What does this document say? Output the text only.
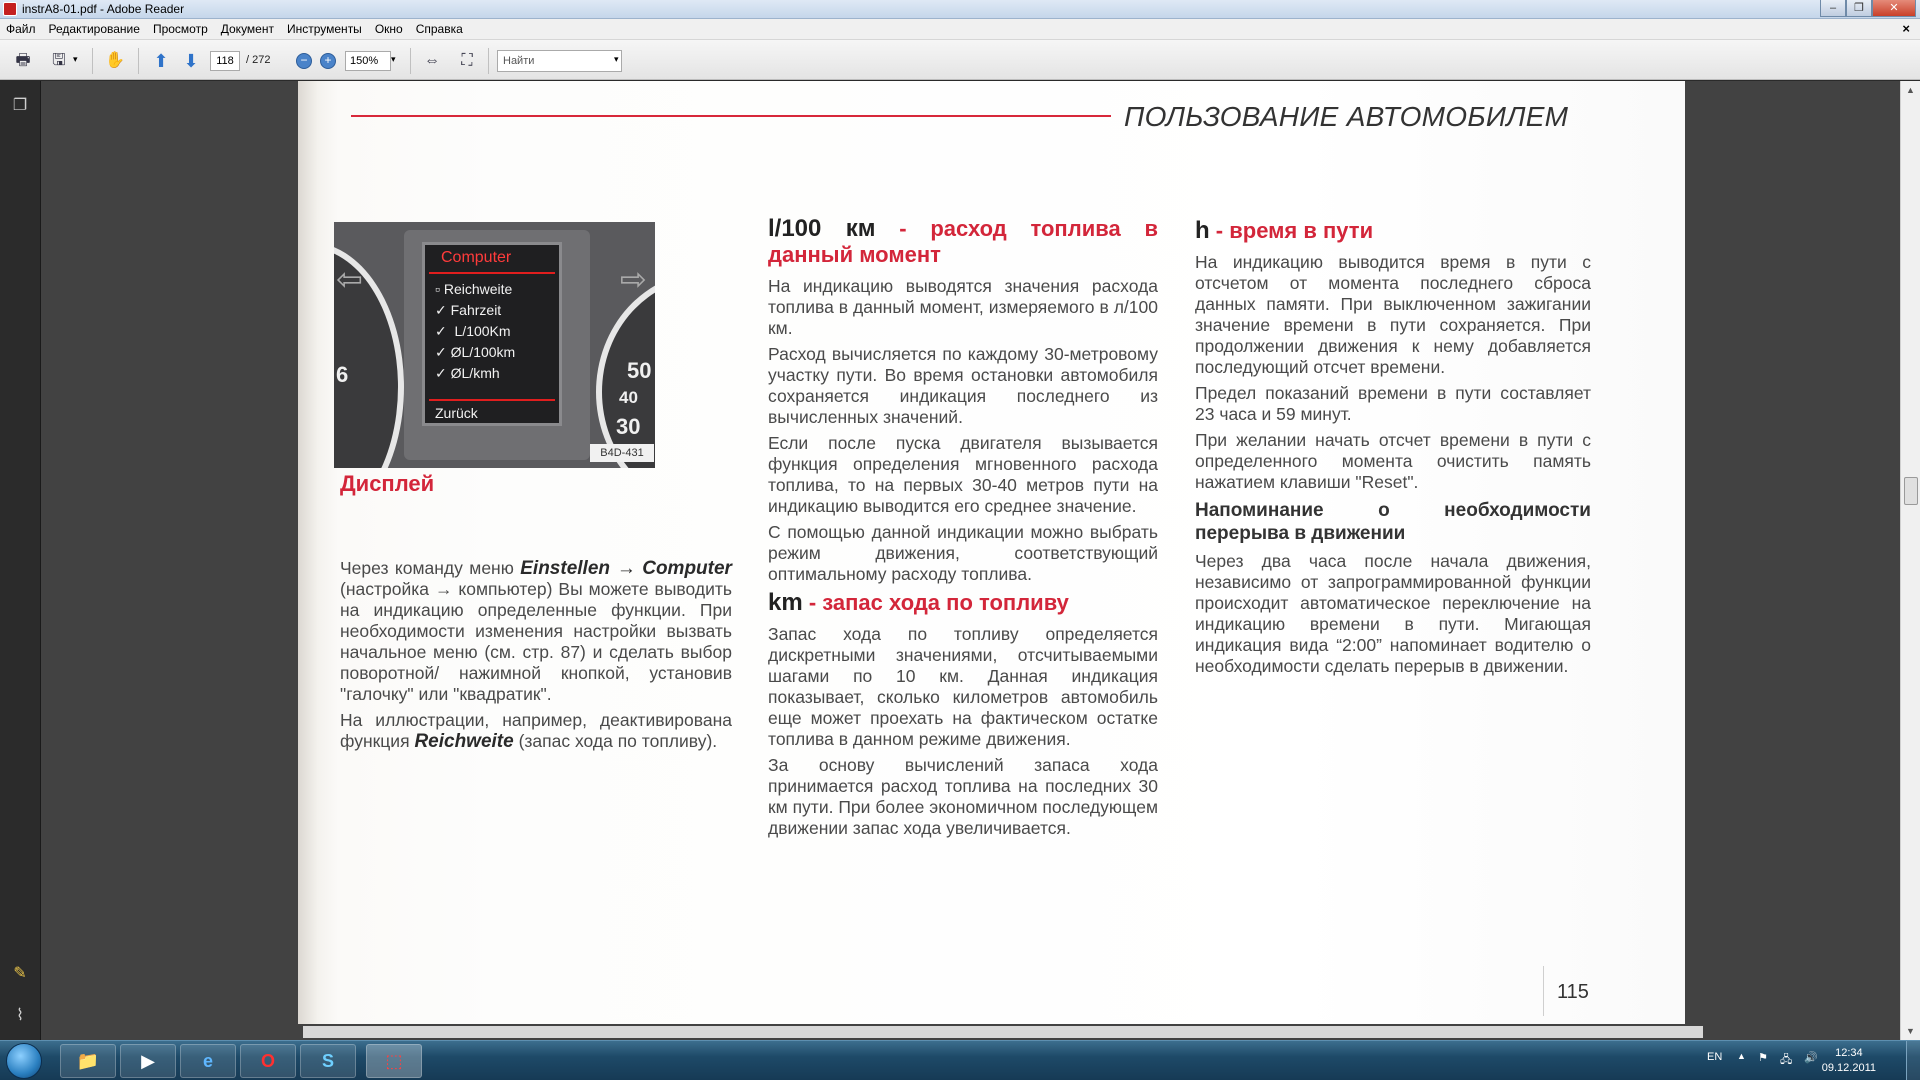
instrA8-01.pdf - Adobe Reader	–	❐	✕
Файл Редактирование Просмотр Документ Инструменты Окно Справка	×
🖶 🖫 ▾ ✋ ⬆ ⬇	118	/ 272	−	+	150%	▾ ⇔	⛶	Найти	▾
❐
✎
⌇
ПОЛЬЗОВАНИЕ АВТОМОБИЛЕМ
6	50
40
30
⇦	⇨
Computer
▫ Reichweite
✓ Fahrzeit
✓  L/100Km
✓ ØL/100km
✓ ØL/kmh
Zurück
B4D-431
Дисплей

Через команду меню Einstellen → Computer (настройка → компьютер) Вы можете выводить на индикацию определенные функции. При необходимости изменения настройки вызвать начальное меню (см. стр. 87) и сделать выбор поворотной/ нажимной кнопкой, установив "галочку" или "квадратик".

На иллюстрации, например, деактивирована функция Reichweite (запас хода по топливу).

l/100 км - расход топлива в данный момент

На индикацию выводятся значения расхода топлива в данный момент, измеряемого в л/100 км.

Расход вычисляется по каждому 30-метровому участку пути. Во время остановки автомобиля сохраняется индикация последнего из вычисленных значений.

Если после пуска двигателя вызывается функция определения мгновенного расхода топлива, то на первых 30-40 метров пути на индикацию выводится его среднее значение.

С помощью данной индикации можно выбрать режим движения, соответствующий оптимальному расходу топлива.

km - запас хода по топливу

Запас хода по топливу определяется дискретными значениями, отсчитываемыми шагами по 10 км. Данная индикация показывает, сколько километров автомобиль еще может проехать на фактическом остатке топлива в данном режиме движения.

За основу вычислений запаса хода принимается расход топлива на последних 30 км пути. При более экономичном последующем движении запас хода увеличивается.

h - время в пути

На индикацию выводится время в пути с отсчетом от момента последнего сброса данных памяти. При выключенном зажигании значение времени в пути сохраняется. При продолжении движения к нему добавляется последующий отсчет времени.

Предел показаний времени в пути составляет 23 часа и 59 минут.

При желании начать отсчет времени в пути с определенного момента очистить память нажатием клавиши "Reset".

Напоминание о необходимости перерыва в движении

Через два часа после начала движения, независимо от запрограммированной функции происходит автоматическое переключение на индикацию времени в пути. Мигающая индикация вида “2:00” напоминает водителю о необходимости сделать перерыв в движении.

115
▲
▼
📁	▶	e	O	S	⬚	EN ▲ ⚑ 🖧 🔊	12:34
09.12.2011
